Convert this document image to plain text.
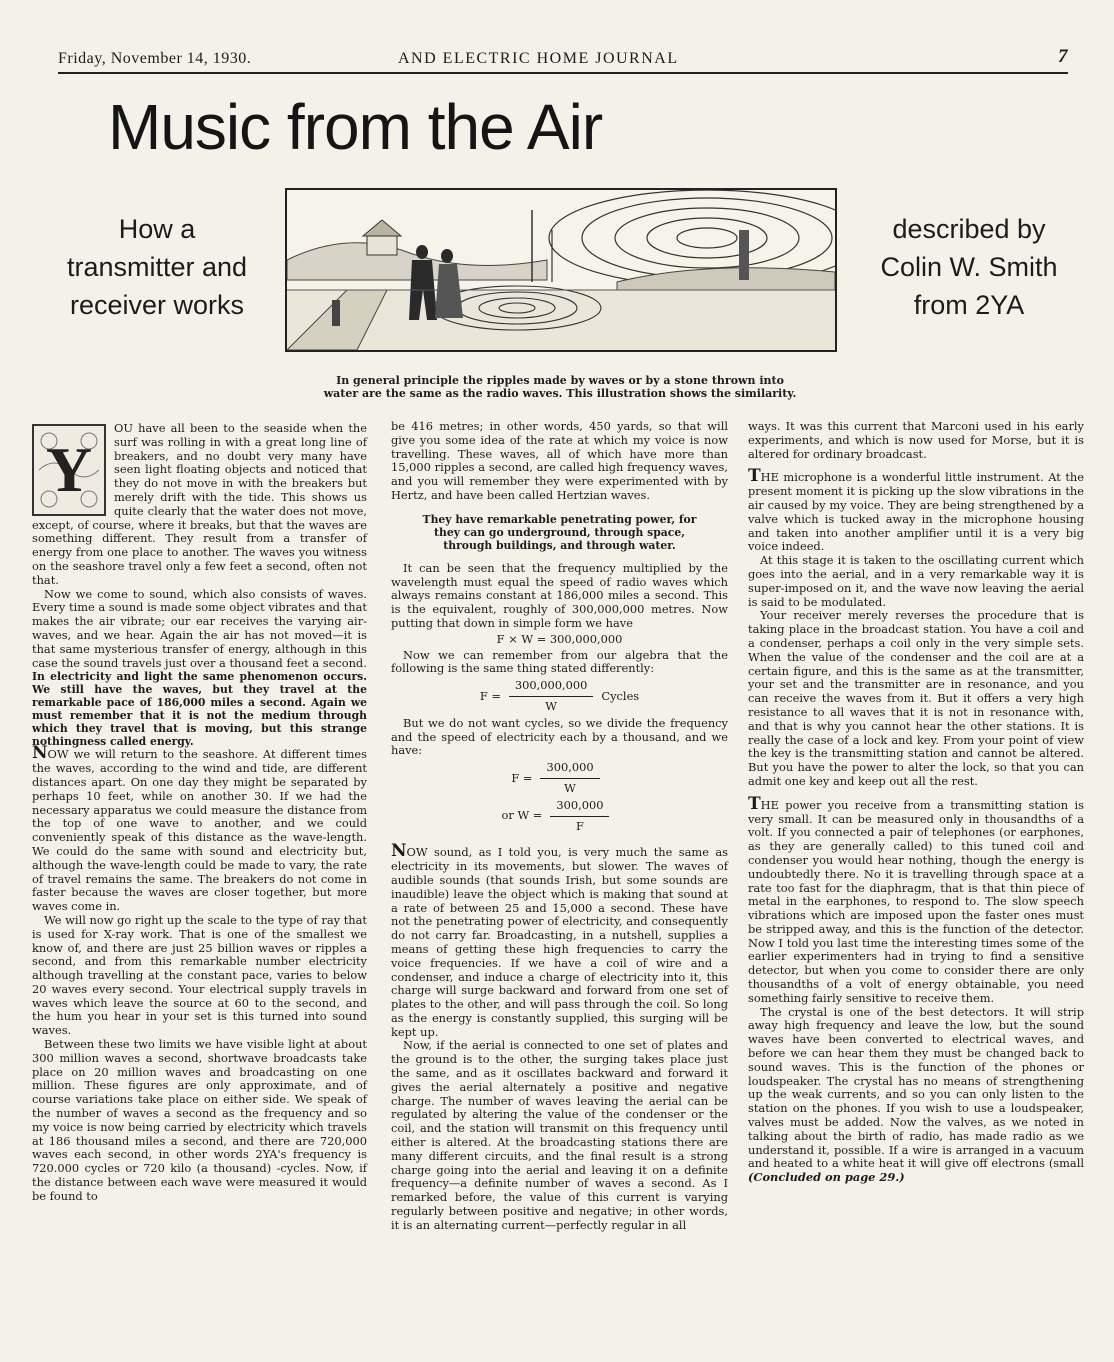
Friday, November 14, 1930.	AND ELECTRIC HOME JOURNAL	7
Music from the Air

How a transmitter and receiver works

described by Colin W. Smith from 2YA

In general principle the ripples made by waves or by a stone thrown into water are the same as the radio waves. This illustration shows the similarity.

Y

OU have all been to the seaside when the surf was rolling in with a great long line of breakers, and no doubt very many have seen light floating objects and noticed that they do not move in with the breakers but merely drift with the tide. This shows us quite clearly that the water does not move, except, of course, where it breaks, but that the waves are something different. They result from a transfer of energy from one place to another. The waves you witness on the seashore travel only a few feet a second, often not that.

Now we come to sound, which also consists of waves. Every time a sound is made some object vibrates and that makes the air vibrate; our ear receives the varying air-waves, and we hear. Again the air has not moved—it is that same mysterious transfer of energy, although in this case the sound travels just over a thousand feet a second.

In electricity and light the same phenomenon occurs. We still have the waves, but they travel at the remarkable pace of 186,000 miles a second. Again we must remember that it is not the medium through which they travel that is moving, but this strange nothingness called energy.

NOW we will return to the seashore. At different times the waves, according to the wind and tide, are different distances apart. On one day they might be separated by perhaps 10 feet, while on another 30. If we had the necessary apparatus we could measure the distance from the top of one wave to another, and we could conveniently speak of this distance as the wave-length. We could do the same with sound and electricity but, although the wave-length could be made to vary, the rate of travel remains the same. The breakers do not come in faster because the waves are closer together, but more waves come in.

We will now go right up the scale to the type of ray that is used for X-ray work. That is one of the smallest we know of, and there are just 25 billion waves or ripples a second, and from this remarkable number electricity although travelling at the constant pace, varies to below 20 waves every second. Your electrical supply travels in waves which leave the source at 60 to the second, and the hum you hear in your set is this turned into sound waves.

Between these two limits we have visible light at about 300 million waves a second, shortwave broadcasts take place on 20 million waves and broadcasting on one million. These figures are only approximate, and of course variations take place on either side. We speak of the number of waves a second as the frequency and so my voice is now being carried by electricity which travels at 186 thousand miles a second, and there are 720,000 waves each second, in other words 2YA's frequency is 720.000 cycles or 720 kilo (a thousand) -cycles. Now, if the distance between each wave were measured it would be found to

be 416 metres; in other words, 450 yards, so that will give you some idea of the rate at which my voice is now travelling. These waves, all of which have more than 15,000 ripples a second, are called high frequency waves, and you will remember they were experimented with by Hertz, and have been called Hertzian waves.

They have remarkable penetrating power, for they can go underground, through space, through buildings, and through water.

It can be seen that the frequency multiplied by the wavelength must equal the speed of radio waves which always remains constant at 186,000 miles a second. This is the equivalent, roughly of 300,000,000 metres. Now putting that down in simple form we have

F × W = 300,000,000

Now we can remember from our algebra that the following is the same thing stated differently:

$F = \frac{300,000,000}{W}$ Cycles

But we do not want cycles, so we divide the frequency and the speed of electricity each by a thousand, and we have:

$F = \frac{300,000}{W}$
or $W = \frac{300,000}{F}$

NOW sound, as I told you, is very much the same as electricity in its movements, but slower. The waves of audible sounds (that sounds Irish, but some sounds are inaudible) leave the object which is making that sound at a rate of between 25 and 15,000 a second. These have not the penetrating power of electricity, and consequently do not carry far. Broadcasting, in a nutshell, supplies a means of getting these high frequencies to carry the voice frequencies. If we have a coil of wire and a condenser, and induce a charge of electricity into it, this charge will surge backward and forward from one set of plates to the other, and will pass through the coil. So long as the energy is constantly supplied, this surging will be kept up.

Now, if the aerial is connected to one set of plates and the ground is to the other, the surging takes place just the same, and as it oscillates backward and forward it gives the aerial alternately a positive and negative charge. The number of waves leaving the aerial can be regulated by altering the value of the condenser or the coil, and the station will transmit on this frequency until either is altered. At the broadcasting stations there are many different circuits, and the final result is a strong charge going into the aerial and leaving it on a definite frequency—a definite number of waves a second. As I remarked before, the value of this current is varying regularly between positive and negative; in other words, it is an alternating current—perfectly regular in all

ways. It was this current that Marconi used in his early experiments, and which is now used for Morse, but it is altered for ordinary broadcast.

THE microphone is a wonderful little instrument. At the present moment it is picking up the slow vibrations in the air caused by my voice. They are being strengthened by a valve which is tucked away in the microphone housing and taken into another amplifier until it is a very big voice indeed.

At this stage it is taken to the oscillating current which goes into the aerial, and in a very remarkable way it is super-imposed on it, and the wave now leaving the aerial is said to be modulated.

Your receiver merely reverses the procedure that is taking place in the broadcast station. You have a coil and a condenser, perhaps a coil only in the very simple sets. When the value of the condenser and the coil are at a certain figure, and this is the same as at the transmitter, your set and the transmitter are in resonance, and you can receive the waves from it. But it offers a very high resistance to all waves that it is not in resonance with, and that is why you cannot hear the other stations. It is really the case of a lock and key. From your point of view the key is the transmitting station and cannot be altered. But you have the power to alter the lock, so that you can admit one key and keep out all the rest.

THE power you receive from a transmitting station is very small. It can be measured only in thousandths of a volt. If you connected a pair of telephones (or earphones, as they are generally called) to this tuned coil and condenser you would hear nothing, though the energy is undoubtedly there. No it is travelling through space at a rate too fast for the diaphragm, that is that thin piece of metal in the earphones, to respond to. The slow speech vibrations which are imposed upon the faster ones must be stripped away, and this is the function of the detector. Now I told you last time the interesting times some of the earlier experimenters had in trying to find a sensitive detector, but when you come to consider there are only thousandths of a volt of energy obtainable, you need something fairly sensitive to receive them.

The crystal is one of the best detectors. It will strip away high frequency and leave the low, but the sound waves have been converted to electrical waves, and before we can hear them they must be changed back to sound waves. This is the function of the phones or loudspeaker. The crystal has no means of strengthening up the weak currents, and so you can only listen to the station on the phones. If you wish to use a loudspeaker, valves must be added. Now the valves, as we noted in talking about the birth of radio, has made radio as we understand it, possible. If a wire is arranged in a vacuum and heated to a white heat it will give off electrons (small (Concluded on page 29.)
